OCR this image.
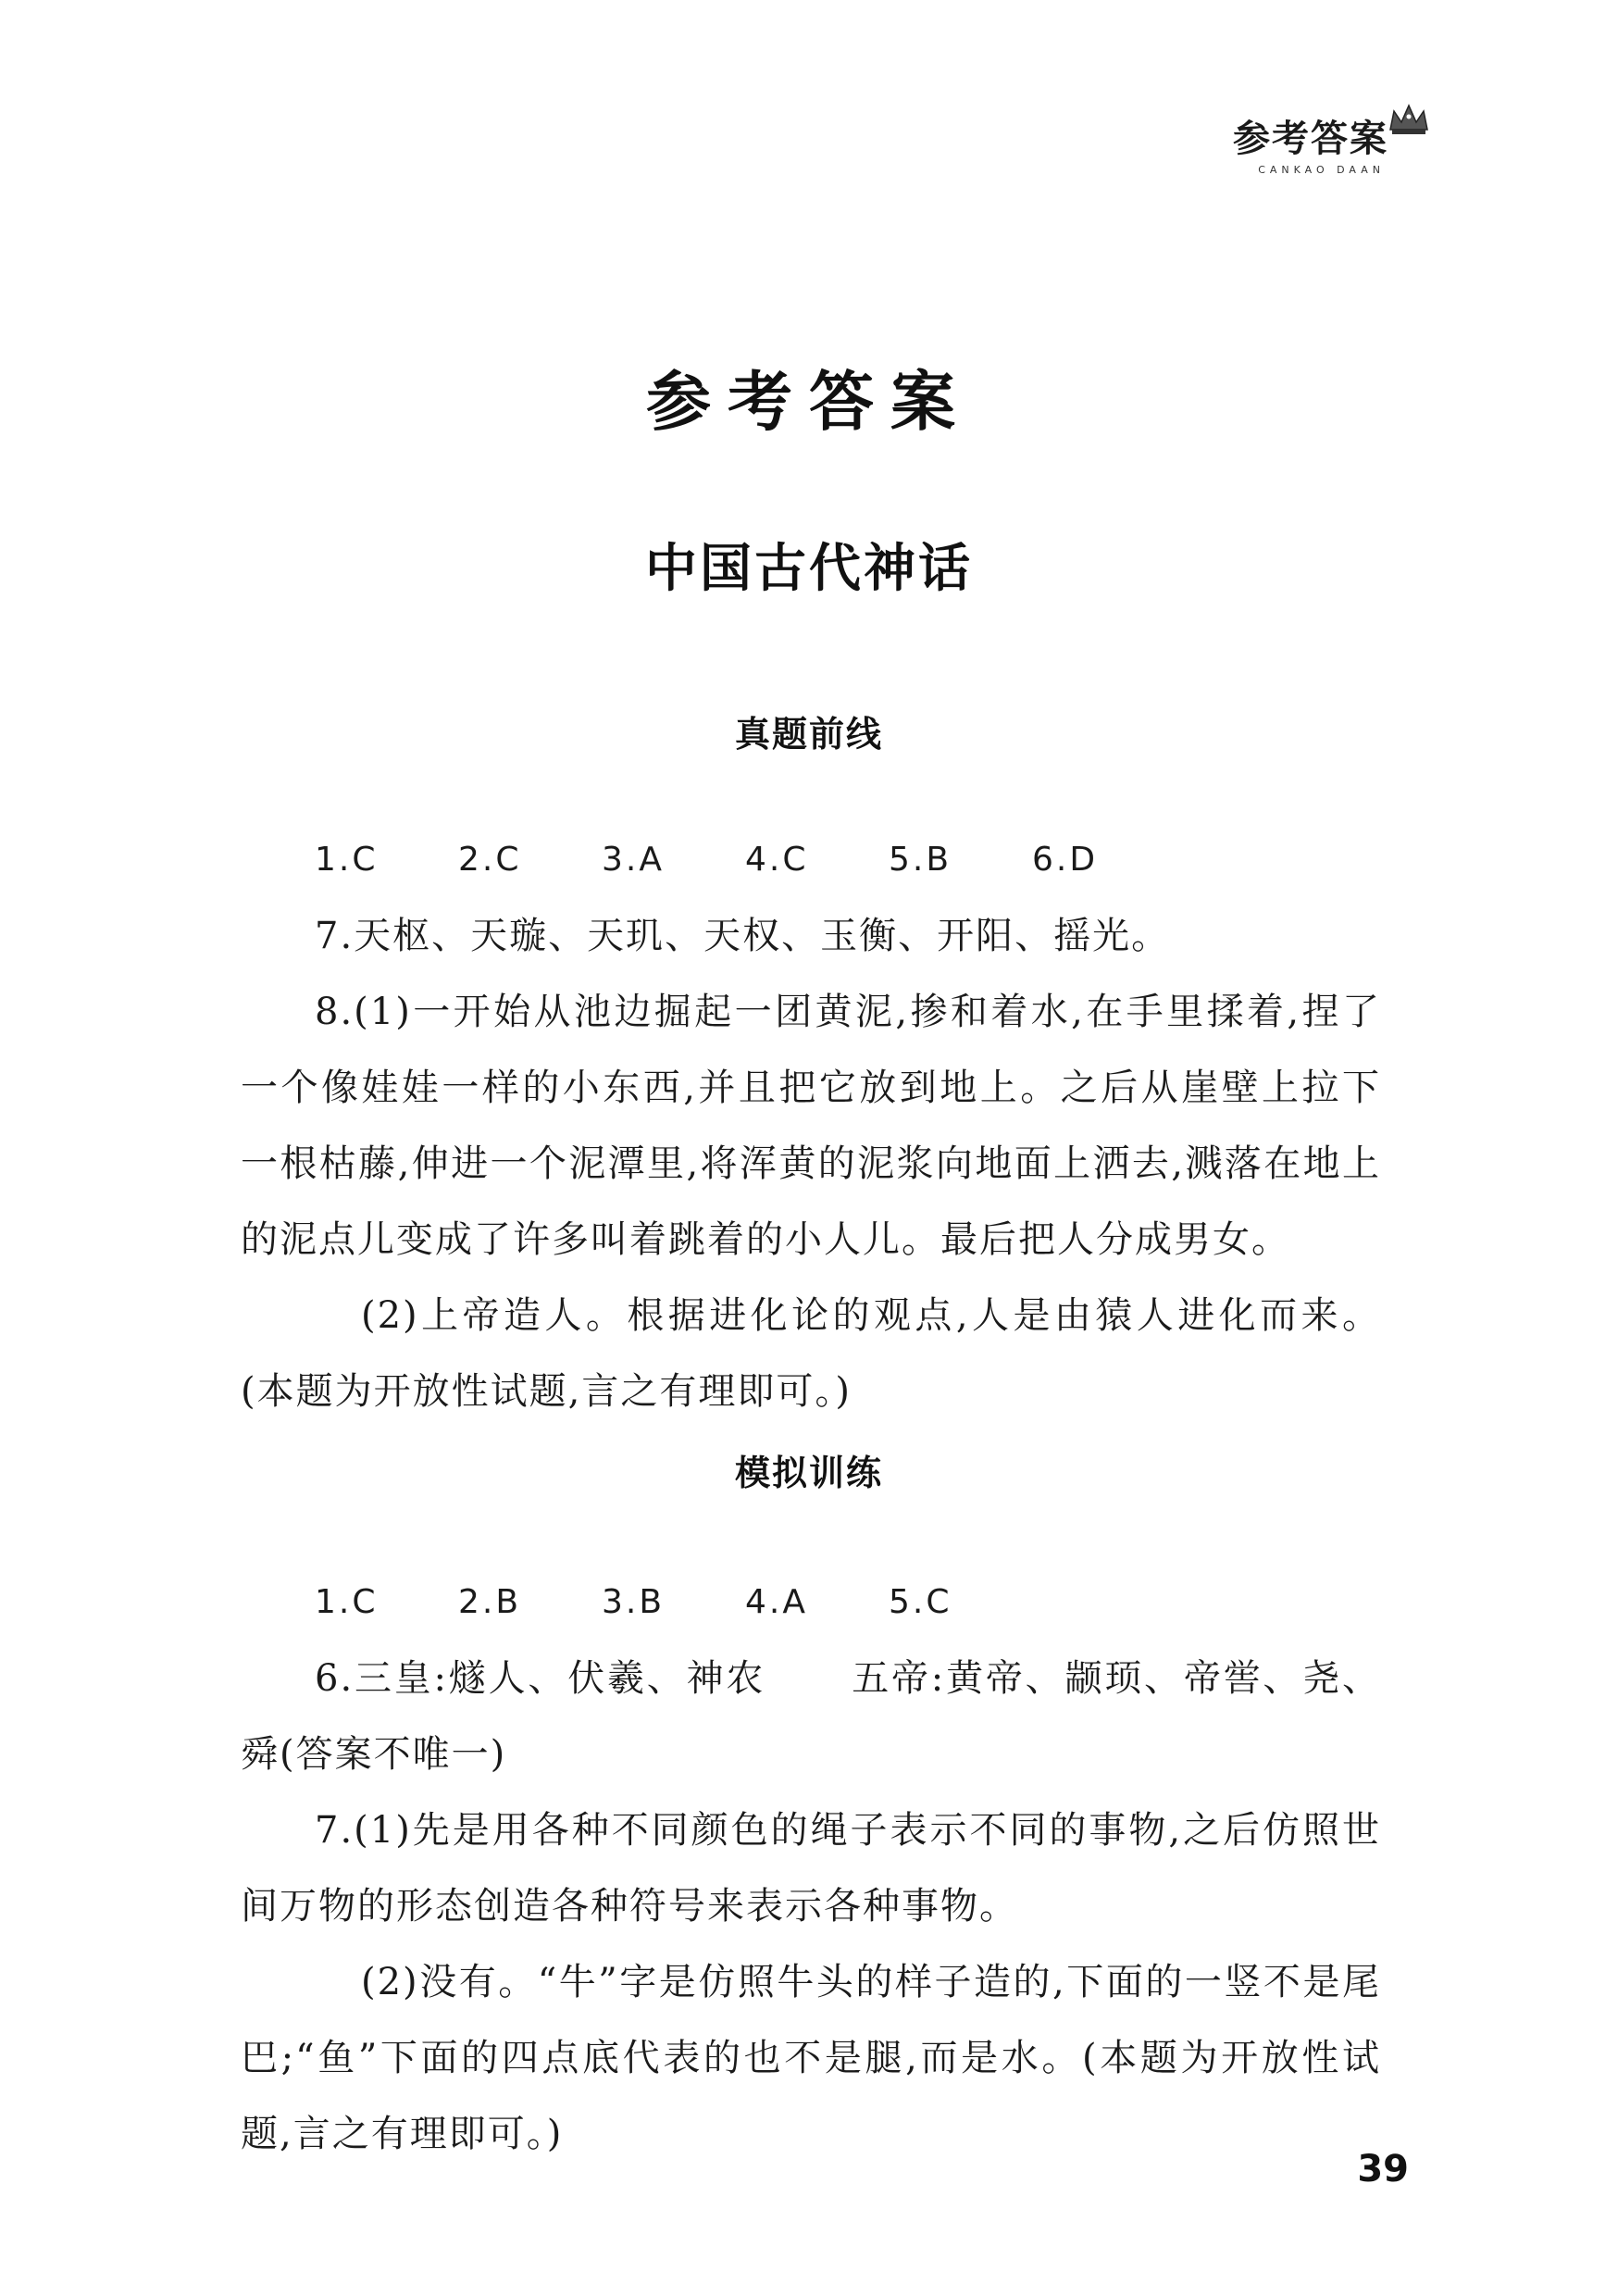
参考答案
CANKAO DAAN
参考答案
中国古代神话
真题前线
1.C	2.C	3.A	4.C	5.B	6.D

7.天枢、天璇、天玑、天权、玉衡、开阳、摇光。

8.(1)一开始从池边掘起一团黄泥,掺和着水,在手里揉着,捏了一个像娃娃一样的小东西,并且把它放到地上。之后从崖壁上拉下一根枯藤,伸进一个泥潭里,将浑黄的泥浆向地面上洒去,溅落在地上的泥点儿变成了许多叫着跳着的小人儿。最后把人分成男女。

(2)上帝造人。根据进化论的观点,人是由猿人进化而来。(本题为开放性试题,言之有理即可。)

模拟训练
1.C	2.B	3.B	4.A	5.C

6.三皇:燧人、伏羲、神农      五帝:黄帝、颛顼、帝喾、尧、舜(答案不唯一)

7.(1)先是用各种不同颜色的绳子表示不同的事物,之后仿照世间万物的形态创造各种符号来表示各种事物。

(2)没有。“牛”字是仿照牛头的样子造的,下面的一竖不是尾巴;“鱼”下面的四点底代表的也不是腿,而是水。(本题为开放性试题,言之有理即可。)

39
